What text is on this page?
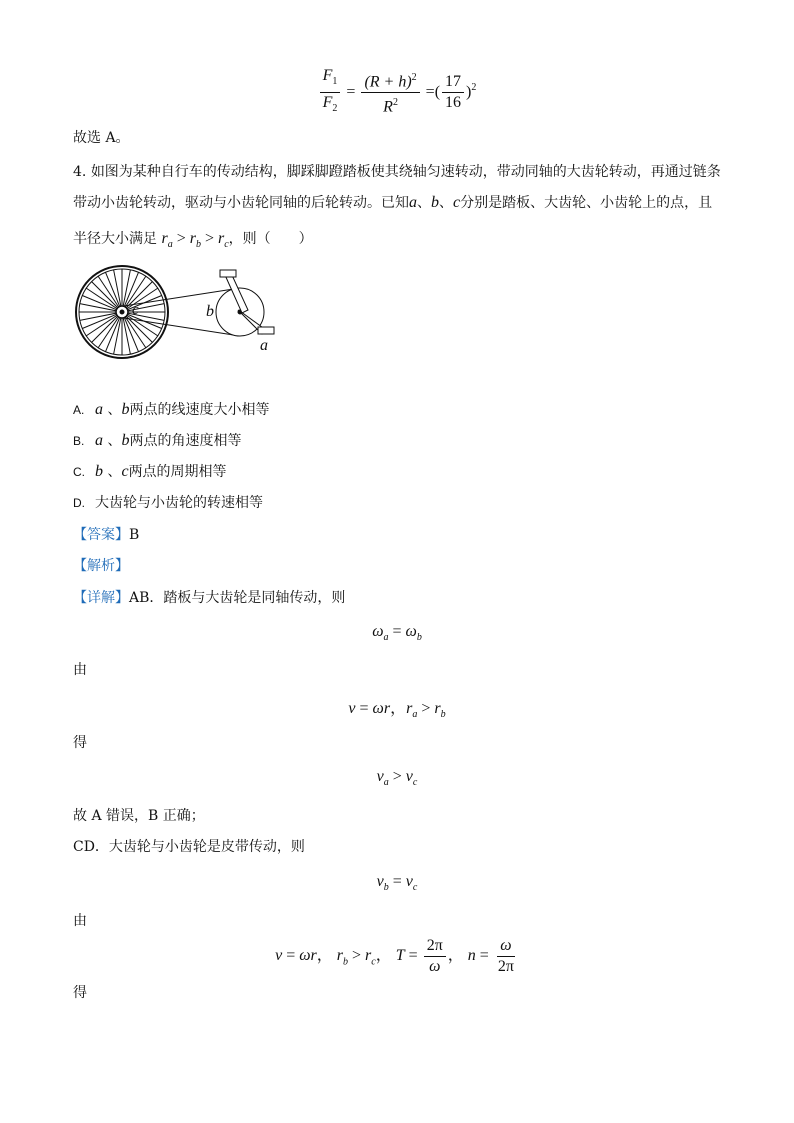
$\frac{F_1}{F_2} = \frac{(R + h)^2}{R^2}$ =( $\frac{17}{16} )^2$
故选 A。
4. 如图为某种自行车的传动结构，脚踩脚蹬踏板使其绕轴匀速转动，带动同轴的大齿轮转动，再通过链条
带动小齿轮转动，驱动与小齿轮同轴的后轮转动。已知a、b、c分别是踏板、大齿轮、小齿轮上的点，且
半径大小满足 $r_a > r_b > r_c$，则（　　）
c	b
a
A. a 、b两点的线速度大小相等
B. a 、b两点的角速度相等
C. b 、c两点的周期相等
D. 大齿轮与小齿轮的转速相等
【答案】B
【解析】
【详解】AB．踏板与大齿轮是同轴传动，则
$\omega_a = \omega_b$
由
v = ωr，$r_a > r_b$
得
$v_a > v_c$
故 A 错误，B 正确；
CD．大齿轮与小齿轮是皮带传动，则
$v_b = v_c$
由
v = ωr， $r_b > r_c$， $T = \frac{2\pi}{\omega}$ ， $n = \frac{\omega}{2\pi}$
得
